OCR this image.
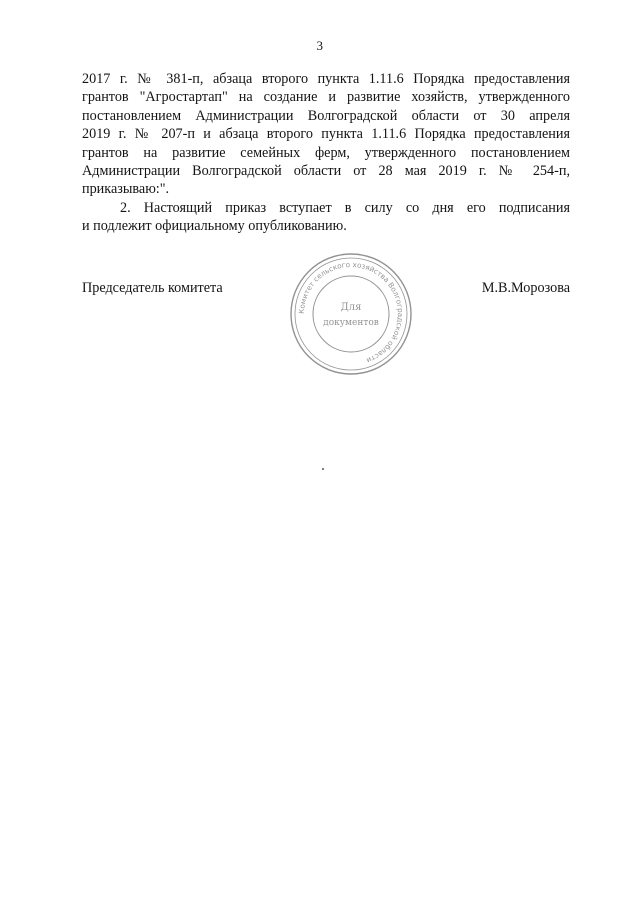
3
2017 г. № 381-п, абзаца второго пункта 1.11.6 Порядка предоставления
грантов "Агростартап" на создание и развитие хозяйств, утвержденного
постановлением Администрации Волгоградской области от 30 апреля
2019 г. № 207-п и абзаца второго пункта 1.11.6 Порядка предоставления
грантов на развитие семейных ферм, утвержденного постановлением
Администрации Волгоградской области от 28 мая 2019 г. № 254-п,
приказываю:".
2. Настоящий приказ вступает в силу со дня его подписания
и подлежит официальному опубликованию.
Председатель комитета
Комитет сельского хозяйства Волгоградской области
Для
документов
М.В.Морозова
